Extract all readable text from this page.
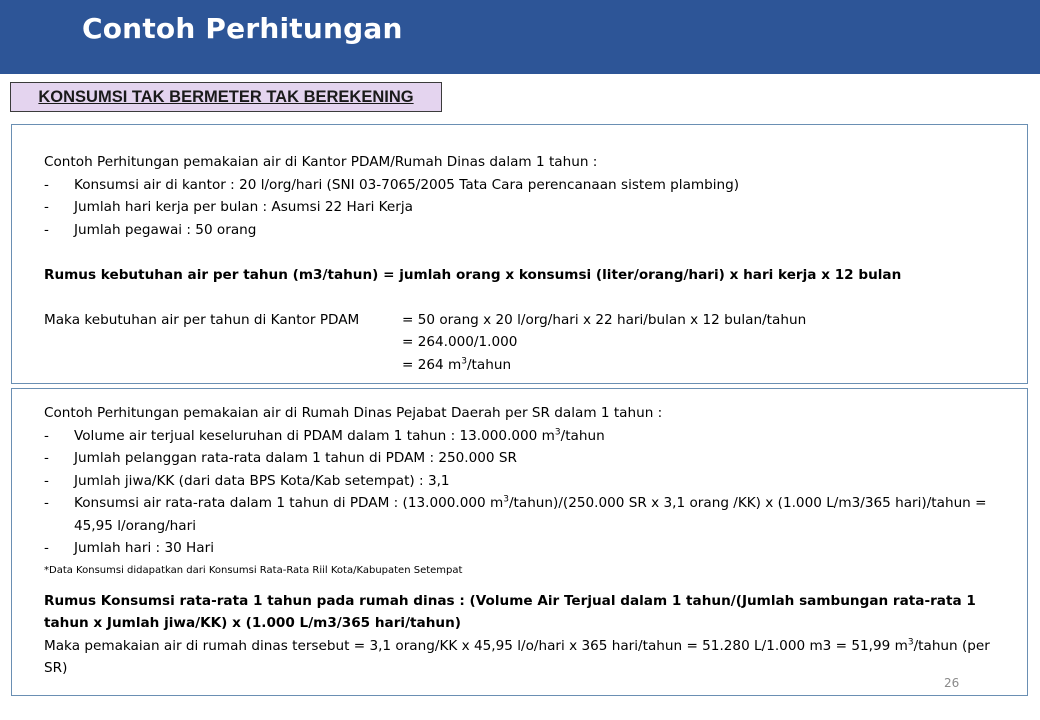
Contoh Perhitungan
KONSUMSI TAK BERMETER TAK BEREKENING

Contoh Perhitungan pemakaian air di Kantor PDAM/Rumah Dinas dalam 1 tahun :

-	Konsumsi air di kantor : 20 l/org/hari (SNI 03-7065/2005 Tata Cara perencanaan sistem plambing)
-	Jumlah hari kerja per bulan : Asumsi 22 Hari Kerja
-	Jumlah pegawai : 50 orang

Rumus kebutuhan air per tahun (m3/tahun) = jumlah orang x konsumsi (liter/orang/hari) x hari kerja x 12 bulan

Maka kebutuhan air per tahun di Kantor PDAM	= 50 orang x 20 l/org/hari x 22 hari/bulan x 12 bulan/tahun
= 264.000/1.000
= 264 $m^3$/tahun

Contoh Perhitungan pemakaian air di Rumah Dinas Pejabat Daerah per SR dalam 1 tahun :

-	Volume air terjual keseluruhan di PDAM dalam 1 tahun : 13.000.000 $m^3$/tahun
-	Jumlah pelanggan rata-rata dalam 1 tahun di PDAM : 250.000 SR
-	Jumlah jiwa/KK (dari data BPS Kota/Kab setempat) : 3,1
-	Konsumsi air rata-rata dalam 1 tahun di PDAM : (13.000.000 $m^3/tahun)/(250.000$ SR x 3,1 orang /KK) x (1.000 L/m3/365 hari)/tahun = 45,95 l/orang/hari
-	Jumlah hari : 30 Hari

*Data Konsumsi didapatkan dari Konsumsi Rata-Rata Riil Kota/Kabupaten Setempat

Rumus Konsumsi rata-rata 1 tahun pada rumah dinas : (Volume Air Terjual dalam 1 tahun/(Jumlah sambungan rata-rata 1 tahun x Jumlah jiwa/KK) x (1.000 L/m3/365 hari/tahun)

Maka pemakaian air di rumah dinas tersebut = 3,1 orang/KK x 45,95 l/o/hari x 365 hari/tahun = 51.280 L/1.000 m3 = 51,99 $m^3$/tahun (per SR)

26
